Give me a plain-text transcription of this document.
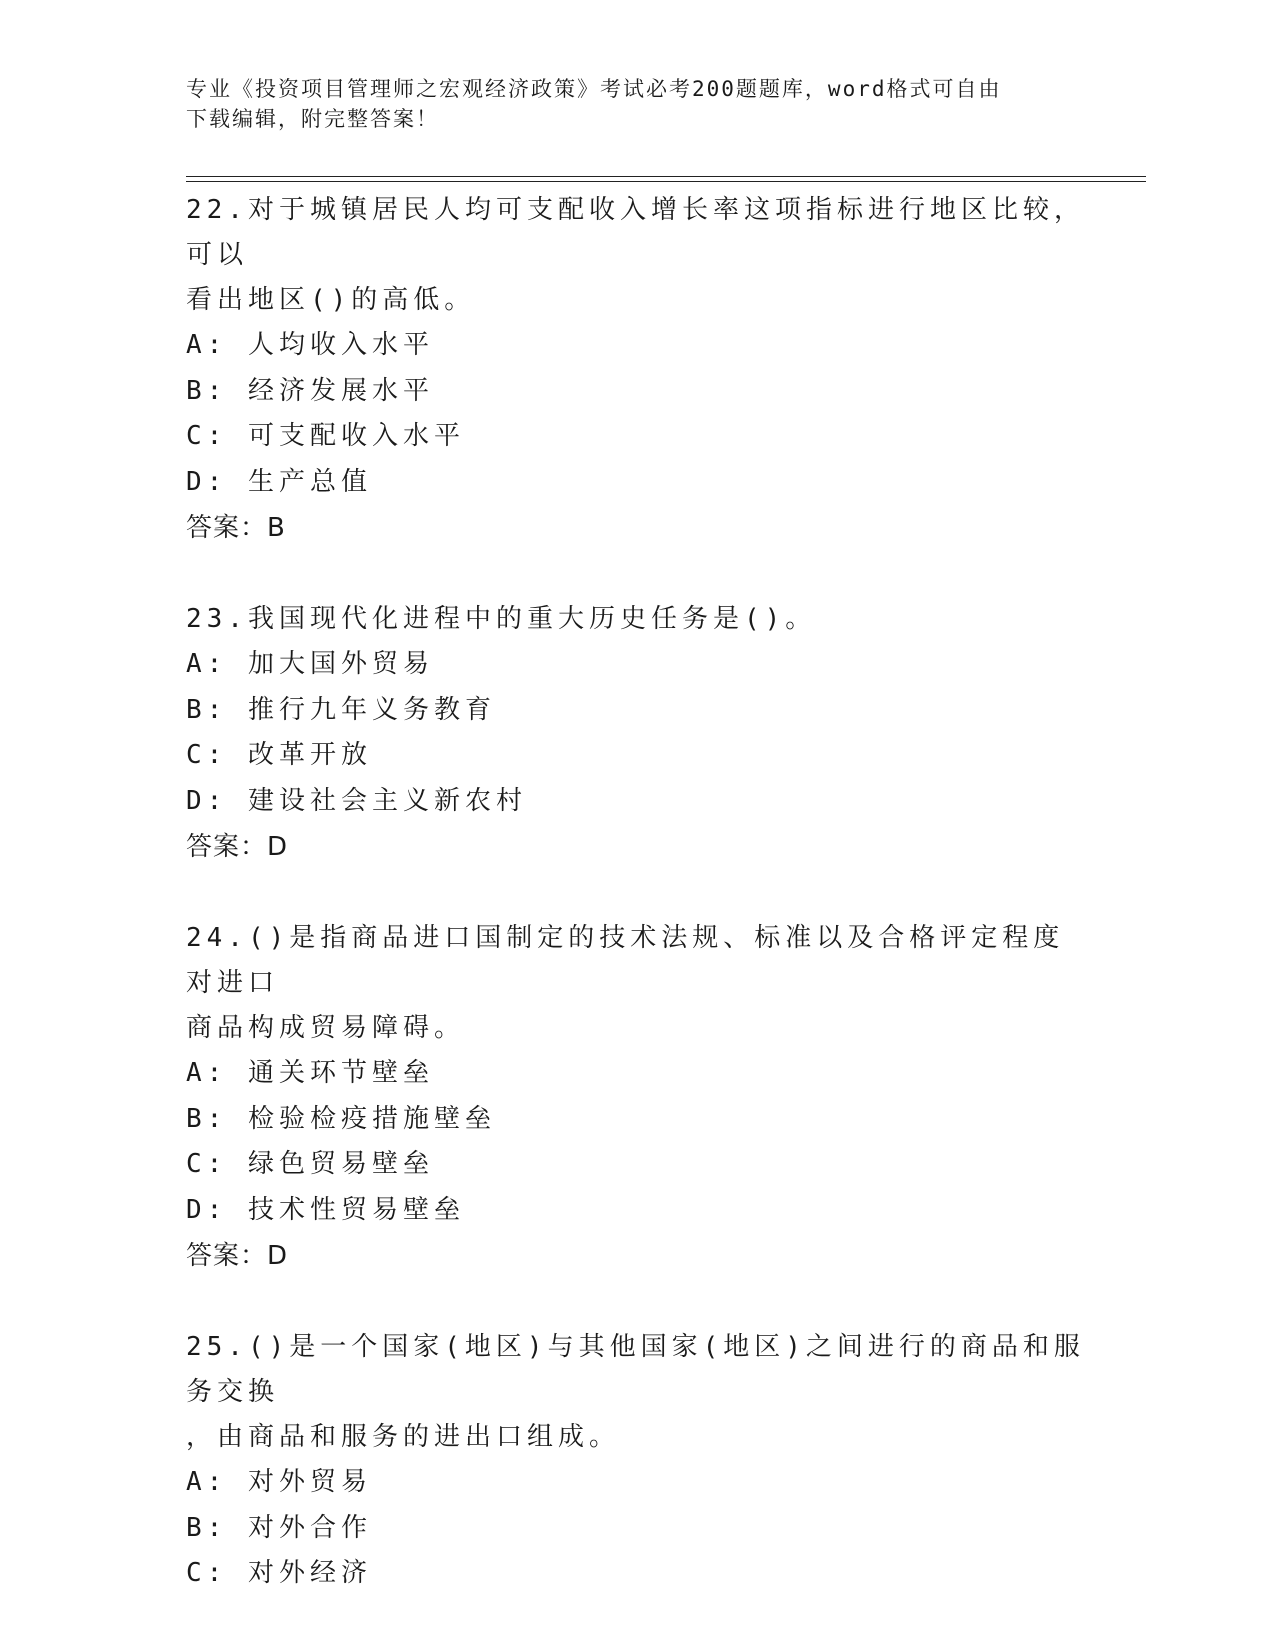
专业《投资项目管理师之宏观经济政策》考试必考200题题库，word格式可自由
下载编辑，附完整答案！

22.对于城镇居民人均可支配收入增长率这项指标进行地区比较，可以

看出地区()的高低。

A: 人均收入水平

B: 经济发展水平

C: 可支配收入水平

D: 生产总值

答案：B

23.我国现代化进程中的重大历史任务是()。

A: 加大国外贸易

B: 推行九年义务教育

C: 改革开放

D: 建设社会主义新农村

答案：D

24.()是指商品进口国制定的技术法规、标准以及合格评定程度对进口

商品构成贸易障碍。

A: 通关环节壁垒

B: 检验检疫措施壁垒

C: 绿色贸易壁垒

D: 技术性贸易壁垒

答案：D

25.()是一个国家(地区)与其他国家(地区)之间进行的商品和服务交换

，由商品和服务的进出口组成。

A: 对外贸易

B: 对外合作

C: 对外经济
